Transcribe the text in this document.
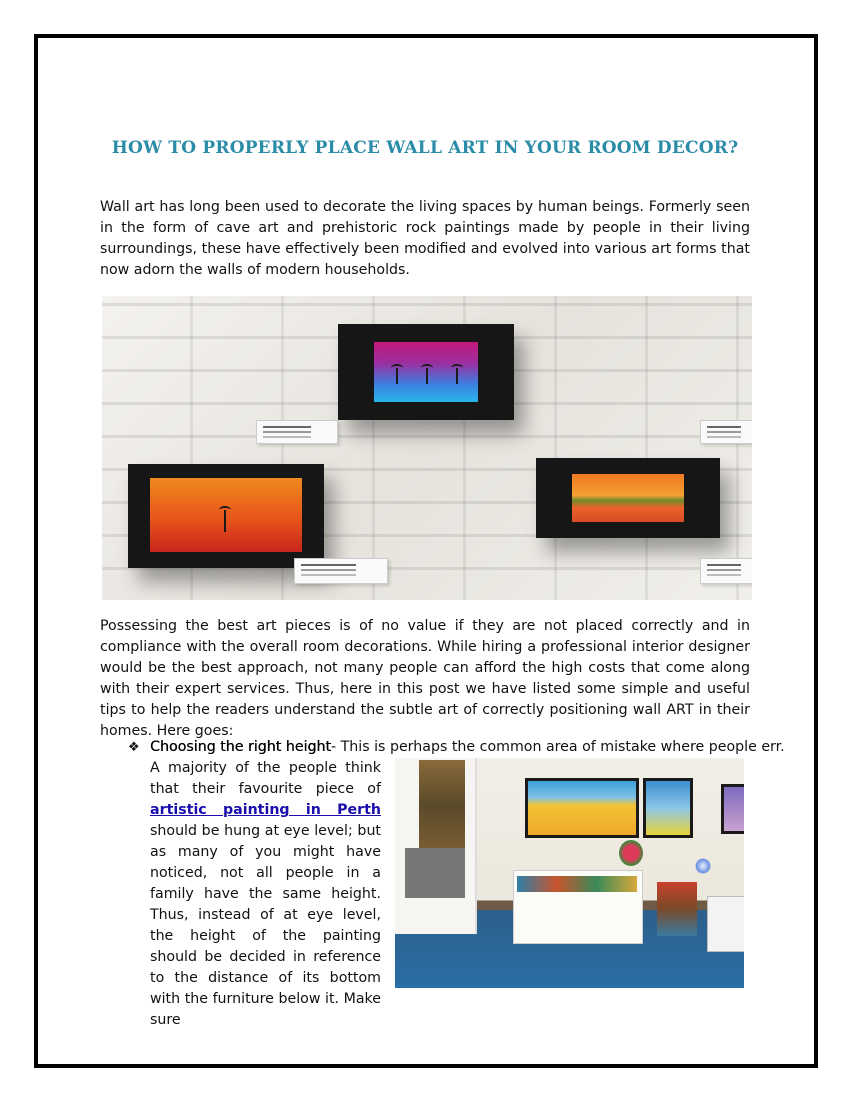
HOW TO PROPERLY PLACE WALL ART IN YOUR ROOM DECOR?

Wall art has long been used to decorate the living spaces by human beings. Formerly seen in the form of cave art and prehistoric rock paintings made by people in their living surroundings, these have effectively been modified and evolved into various art forms that now adorn the walls of modern households.

Possessing the best art pieces is of no value if they are not placed correctly and in compliance with the overall room decorations. While hiring a professional interior designer would be the best approach, not many people can afford the high costs that come along with their expert services. Thus, here in this post we have listed some simple and useful tips to help the readers understand the subtle art of correctly positioning wall ART in their homes. Here goes:

❖ Choosing the right height- This is perhaps the common area of mistake where people err.

A majority of the people think that their favourite piece of artistic painting in Perth should be hung at eye level; but as many of you might have noticed, not all people in a family have the same height. Thus, instead of at eye level, the height of the painting should be decided in reference to the distance of its bottom with the furniture below it. Make sure
